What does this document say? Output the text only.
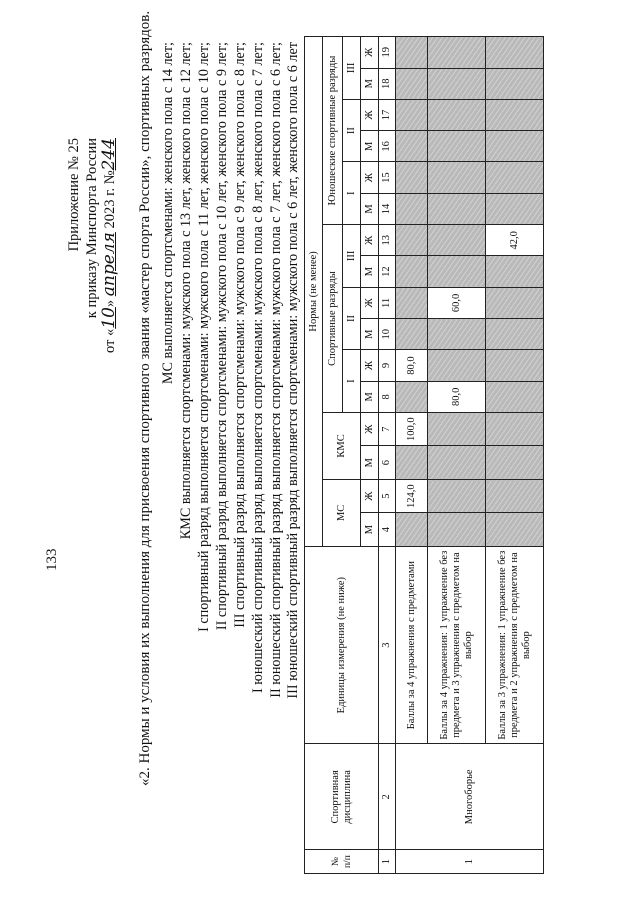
133
Приложение № 25 к приказу Минспорта России
от «10» апреля 2023 г. №244 «2. Нормы и условия их выполнения для присвоения спортивного звания «мастер спорта России», спортивных разрядов. МС выполняется спортсменами: женского пола с 14 лет; КМС выполняется спортсменами: мужского пола с 13 лет, женского пола с 12 лет; I спортивный разряд выполняется спортсменами: мужского пола с 11 лет, женского пола с 10 лет; II спортивный разряд выполняется спортсменами: мужского пола с 10 лет, женского пола с 9 лет; III спортивный разряд выполняется спортсменами: мужского пола с 9 лет, женского пола с 8 лет; I юношеский спортивный разряд выполняется спортсменами: мужского пола с 8 лет, женского пола с 7 лет; II юношеский спортивный разряд выполняется спортсменами: мужского пола с 7 лет, женского пола с 6 лет; III юношеский спортивный разряд выполняется спортсменами: мужского пола с 6 лет, женского пола с 6 лет
№ п/п	Спортивная дисциплина	Единицы измерения (не ниже)	Нормы (не менее)															
			МС		КМС		Спортивные разряды						Юношеские спортивные разряды					
							I		II		III		I		II		III	
			М	Ж	М	Ж	М	Ж	М	Ж	М	Ж	М	Ж	М	Ж	М	Ж
1	2	3	4	5	6	7	8	9	10	11	12	13	14	15	16	17	18	19
1	Многоборье	Баллы за 4 упражнения с предметами		124,0		100,0		80,0										
		Баллы за 4 упражнения: 1 упражнение без предмета и 3 упражнения с предметом на выбор					80,0			60,0								
		Баллы за 3 упражнения: 1 упражнение без предмета и 2 упражнения с предметом на выбор										42,0						
